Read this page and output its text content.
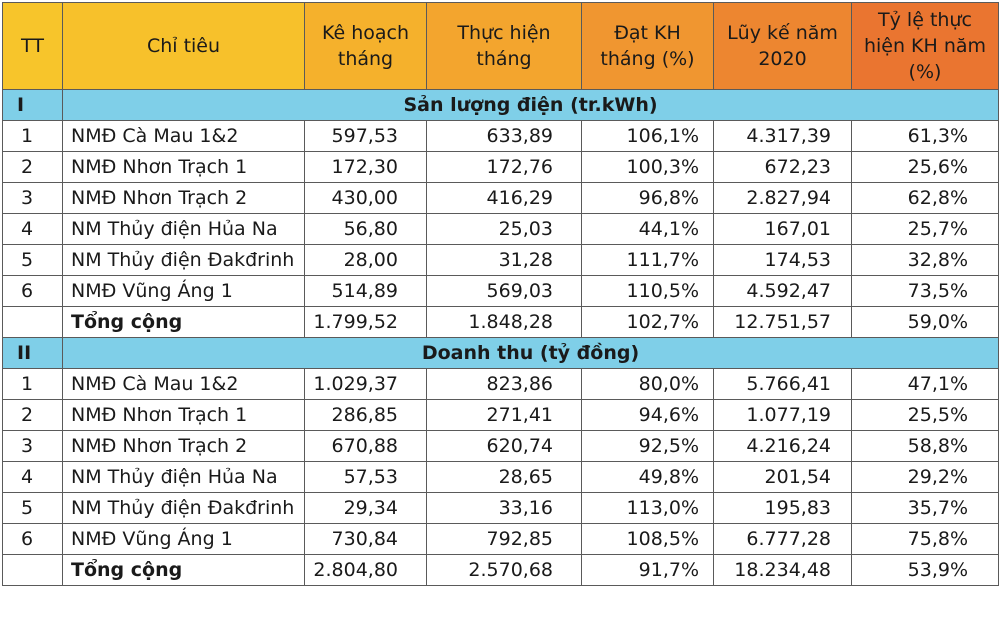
TT	Chỉ tiêu	Kê hoạch tháng	Thực hiện tháng	Đạt KH tháng (%)	Lũy kế năm 2020	Tỷ lệ thực hiện KH năm (%)
I	Sản lượng điện (tr.kWh)					
1	NMĐ Cà Mau 1&2	597,53	633,89	106,1%	4.317,39	61,3%
2	NMĐ Nhơn Trạch 1	172,30	172,76	100,3%	672,23	25,6%
3	NMĐ Nhơn Trạch 2	430,00	416,29	96,8%	2.827,94	62,8%
4	NM Thủy điện Hủa Na	56,80	25,03	44,1%	167,01	25,7%
5	NM Thủy điện Đakđrinh	28,00	31,28	111,7%	174,53	32,8%
6	NMĐ Vũng Áng 1	514,89	569,03	110,5%	4.592,47	73,5%
	Tổng cộng	1.799,52	1.848,28	102,7%	12.751,57	59,0%
II	Doanh thu (tỷ đồng)					
1	NMĐ Cà Mau 1&2	1.029,37	823,86	80,0%	5.766,41	47,1%
2	NMĐ Nhơn Trạch 1	286,85	271,41	94,6%	1.077,19	25,5%
3	NMĐ Nhơn Trạch 2	670,88	620,74	92,5%	4.216,24	58,8%
4	NM Thủy điện Hủa Na	57,53	28,65	49,8%	201,54	29,2%
5	NM Thủy điện Đakđrinh	29,34	33,16	113,0%	195,83	35,7%
6	NMĐ Vũng Áng 1	730,84	792,85	108,5%	6.777,28	75,8%
	Tổng cộng	2.804,80	2.570,68	91,7%	18.234,48	53,9%
